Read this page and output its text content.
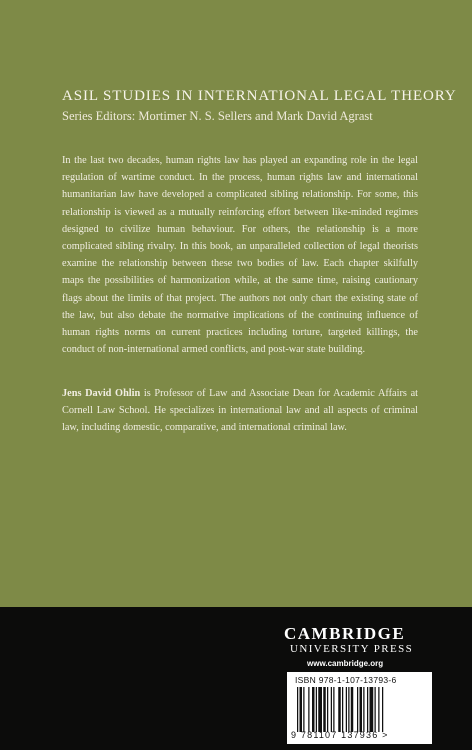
ASIL STUDIES IN INTERNATIONAL LEGAL THEORY
Series Editors: Mortimer N. S. Sellers and Mark David Agrast

In the last two decades, human rights law has played an expanding role in the legal regulation of wartime conduct. In the process, human rights law and international humanitarian law have developed a complicated sibling relationship. For some, this relationship is viewed as a mutually reinforcing effort between like-minded regimes designed to civilize human behaviour. For others, the relationship is a more complicated sibling rivalry. In this book, an unparalleled collection of legal theorists examine the relationship between these two bodies of law. Each chapter skilfully maps the possibilities of harmonization while, at the same time, raising cautionary flags about the limits of that project. The authors not only chart the existing state of the law, but also debate the normative implications of the continuing influence of human rights norms on current practices including torture, targeted killings, the conduct of non-international armed conflicts, and post-war state building.

Jens David Ohlin is Professor of Law and Associate Dean for Academic Affairs at Cornell Law School. He specializes in international law and all aspects of criminal law, including domestic, comparative, and international criminal law.

CAMBRIDGE
UNIVERSITY PRESS
www.cambridge.org
ISBN 978-1-107-13793-6
9 781107 137936 >
